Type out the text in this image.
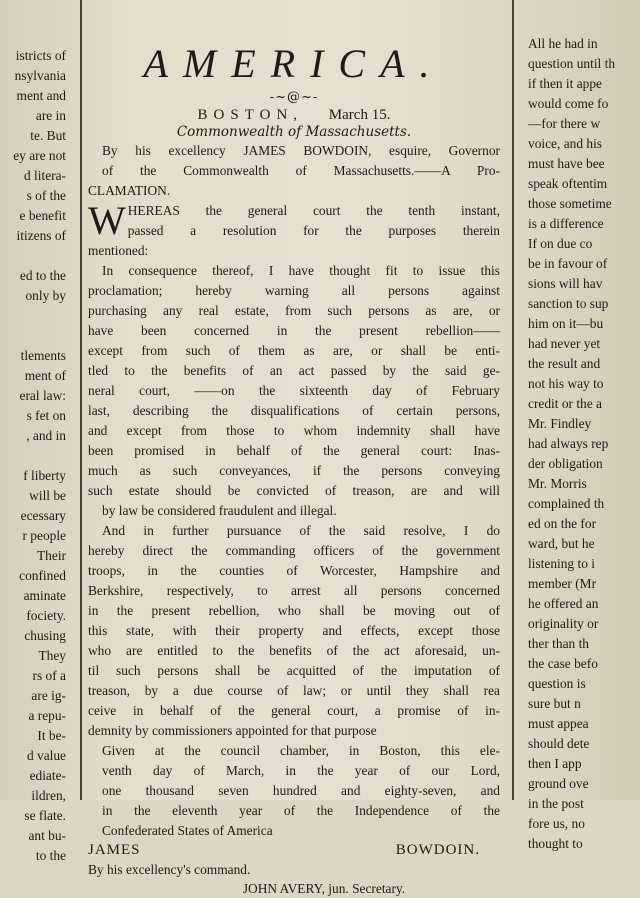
istricts of
nsylvania
ment and
are in
te. But
ey are not
d litera-
s of the
e benefit
itizens of

ed to the
only by

tlements
ment of
eral law:
s fet on
, and in

f liberty
will be
ecessary
r people
Their
confined
aminate
fociety.
chusing
They
rs of a
are ig-
a repu-
It be-
d value
ediate-
ildren,
se flate.
ant bu-
to the
AMERICA.
-~@~-
BOSTON, March 15.
Commonwealth of Massachusetts.
By his excellency JAMES BOWDOIN, esquire, Governor
of the Commonwealth of Massachusetts.——A Pro-
CLAMATION.
W HEREAS the general court the tenth instant,
passed a resolution for the purposes therein
mentioned:
In consequence thereof, I have thought fit to issue this
proclamation; hereby warning all persons against
purchasing any real estate, from such persons as are, or
have been concerned in the present rebellion——
except from such of them as are, or shall be enti-
tled to the benefits of an act passed by the said ge-
neral court, ——on the sixteenth day of February
last, describing the disqualifications of certain persons,
and except from those to whom indemnity shall have
been promised in behalf of the general court: Inas-
much as such conveyances, if the persons conveying
such estate should be convicted of treason, are and will
by law be considered fraudulent and illegal.
And in further pursuance of the said resolve, I do
hereby direct the commanding officers of the government
troops, in the counties of Worcester, Hampshire and
Berkshire, respectively, to arrest all persons concerned
in the present rebellion, who shall be moving out of
this state, with their property and effects, except those
who are entitled to the benefits of the act aforesaid, un-
til such persons shall be acquitted of the imputation of
treason, by a due course of law; or until they shall rea
ceive in behalf of the general court, a promise of in-
demnity by commissioners appointed for that purpose
Given at the council chamber, in Boston, this ele-
venth day of March, in the year of our Lord,
one thousand seven hundred and eighty-seven, and
in the eleventh year of the Independence of the
Confederated States of America
JAMES BOWDOIN.
By his excellency's command.
JOHN AVERY, jun. Secretary.
All he had in
question until th
if then it appe
would come fo
—for there w
voice, and his
must have bee
speak oftentim
those sometime
is a difference
If on due co
be in favour of
sions will hav
sanction to sup
him on it—bu
had never yet
the result and
not his way to
credit or the a
Mr. Findley
had always rep
der obligation
Mr. Morris
complained th
ed on the for
ward, but he
listening to i
member (Mr
he offered an
originality or
ther than th
the case befo
question is
sure but n
must appea
should dete
then I app
ground ove
in the post
fore us, no
thought to
